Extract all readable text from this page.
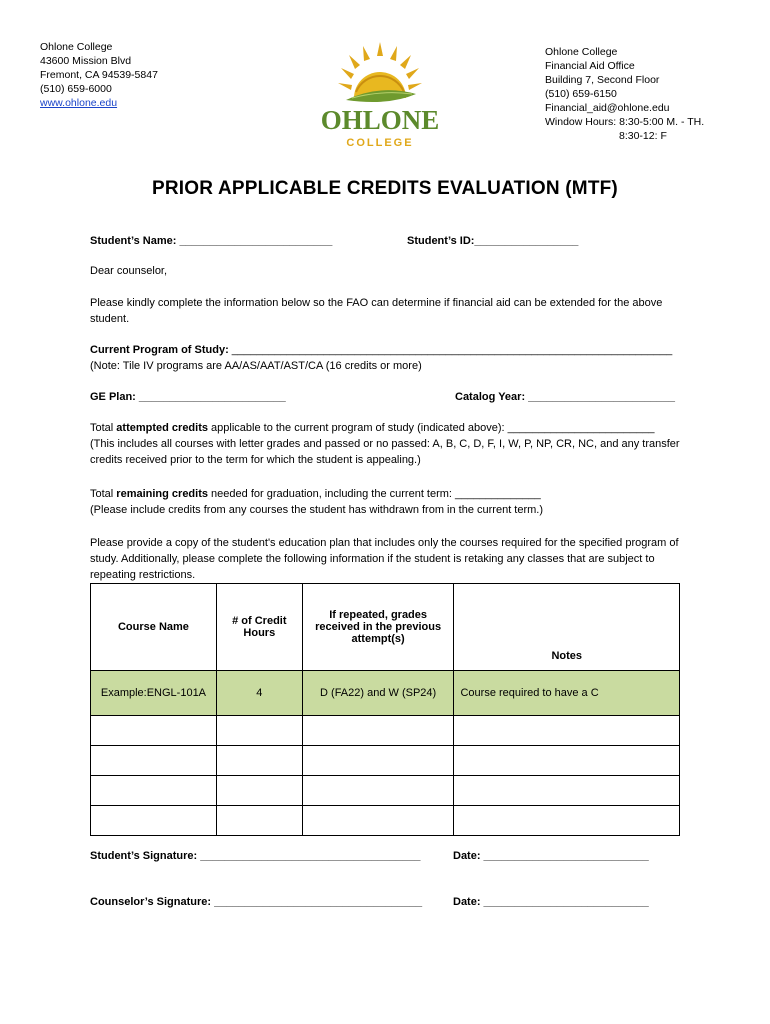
Ohlone College
43600 Mission Blvd
Fremont, CA 94539-5847
(510) 659-6000
www.ohlone.edu
OHLONE
COLLEGE
Ohlone College
Financial Aid Office
Building 7, Second Floor
(510) 659-6150
Financial_aid@ohlone.edu
Window Hours: 8:30-5:00 M. - TH.
8:30-12: F
PRIOR APPLICABLE CREDITS EVALUATION (MTF)
Student’s Name: _________________________	Student’s ID:_________________
Dear counselor,
Please kindly complete the information below so the FAO can determine if financial aid can be extended for the above student.
Current Program of Study: ________________________________________________________________________
(Note: Tile IV programs are AA/AS/AAT/AST/CA (16 credits or more)
GE Plan: ________________________	Catalog Year: ________________________
Total attempted credits applicable to the current program of study (indicated above): ________________________
(This includes all courses with letter grades and passed or no passed: A, B, C, D, F, I, W, P, NP, CR, NC, and any transfer credits received prior to the term for which the student is appealing.)
Total remaining credits needed for graduation, including the current term: ______________
(Please include credits from any courses the student has withdrawn from in the current term.)
Please provide a copy of the student's education plan that includes only the courses required for the specified program of study. Additionally, please complete the following information if the student is retaking any classes that are subject to repeating restrictions.
Course Name	# of Credit Hours	If repeated, grades received in the previous attempt(s)	Notes
Example:ENGL-101A	4	D (FA22) and W (SP24)	Course required to have a C

Student’s Signature: ____________________________________	Date: ___________________________
Counselor’s Signature: __________________________________	Date: ___________________________
